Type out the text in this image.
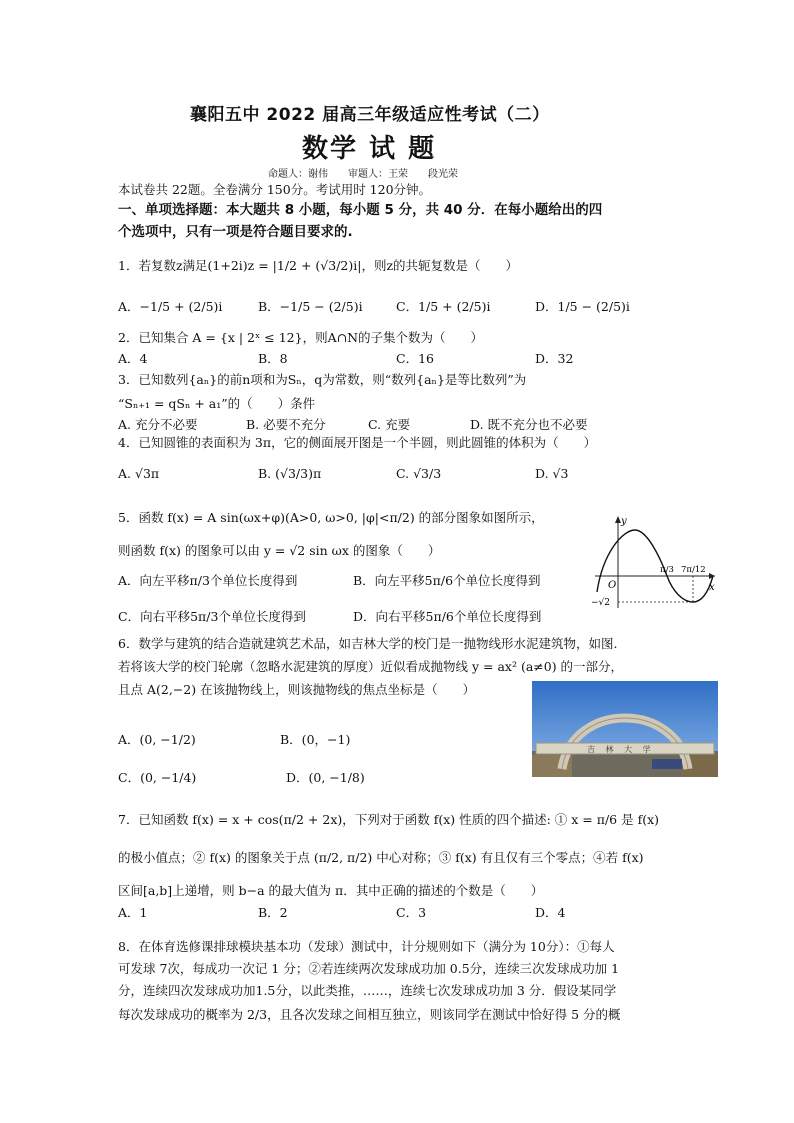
襄阳五中 2022 届高三年级适应性考试（二）
数学 试 题
命题人：谢伟　　审题人：王荣　　段光荣
本试卷共 22题。全卷满分 150分。考试用时 120分钟。
一、单项选择题：本大题共 8 小题，每小题 5 分，共 40 分．在每小题给出的四
个选项中，只有一项是符合题目要求的.
1．若复数z满足(1+2i)z = |1/2 + (√3/2)i|，则z的共轭复数是（　　）
A．−1/5 + (2/5)i	B．−1/5 − (2/5)i	C．1/5 + (2/5)i	D．1/5 − (2/5)i
2．已知集合 A = {x | 2ˣ ≤ 12}，则A∩N的子集个数为（　　）
A．4	B．8	C．16	D．32
3．已知数列{aₙ}的前n项和为Sₙ，q为常数，则“数列{aₙ}是等比数列”为
“Sₙ₊₁ = qSₙ + a₁”的（　　）条件
A. 充分不必要	B. 必要不充分	C. 充要	D. 既不充分也不必要
4．已知圆锥的表面积为 3π，它的侧面展开图是一个半圆，则此圆锥的体积为（　　）
A. √3π	B. (√3/3)π	C. √3/3	D. √3
5．函数 f(x) = A sin(ωx+φ)(A>0, ω>0, |φ|<π/2) 的部分图象如图所示，
则函数 f(x) 的图象可以由 y = √2 sin ωx 的图象（　　）
A．向左平移π/3个单位长度得到	B．向左平移5π/6个单位长度得到
C．向右平移5π/3个单位长度得到	D．向右平移5π/6个单位长度得到
y
x
O
π/3 7π/12
−√2
6．数学与建筑的结合造就建筑艺术品，如吉林大学的校门是一抛物线形水泥建筑物，如图.
若将该大学的校门轮廓（忽略水泥建筑的厚度）近似看成抛物线 y = ax² (a≠0) 的一部分，
且点 A(2,−2) 在该抛物线上，则该抛物线的焦点坐标是（　　）
A．(0, −1/2)	B．(0，−1)
C．(0, −1/4)	D．(0, −1/8)
吉 林 大 学
7．已知函数 f(x) = x + cos(π/2 + 2x)，下列对于函数 f(x) 性质的四个描述: ① x = π/6 是 f(x)
的极小值点；② f(x) 的图象关于点 (π/2, π/2) 中心对称；③ f(x) 有且仅有三个零点；④若 f(x)
区间[a,b]上递增，则 b−a 的最大值为 π．其中正确的描述的个数是（　　）
A．1	B．2	C．3	D．4
8．在体育选修课排球模块基本功（发球）测试中，计分规则如下（满分为 10分）：①每人
可发球 7次，每成功一次记 1 分；②若连续两次发球成功加 0.5分，连续三次发球成功加 1
分，连续四次发球成功加1.5分，以此类推，……，连续七次发球成功加 3 分．假设某同学
每次发球成功的概率为 2/3，且各次发球之间相互独立，则该同学在测试中恰好得 5 分的概
